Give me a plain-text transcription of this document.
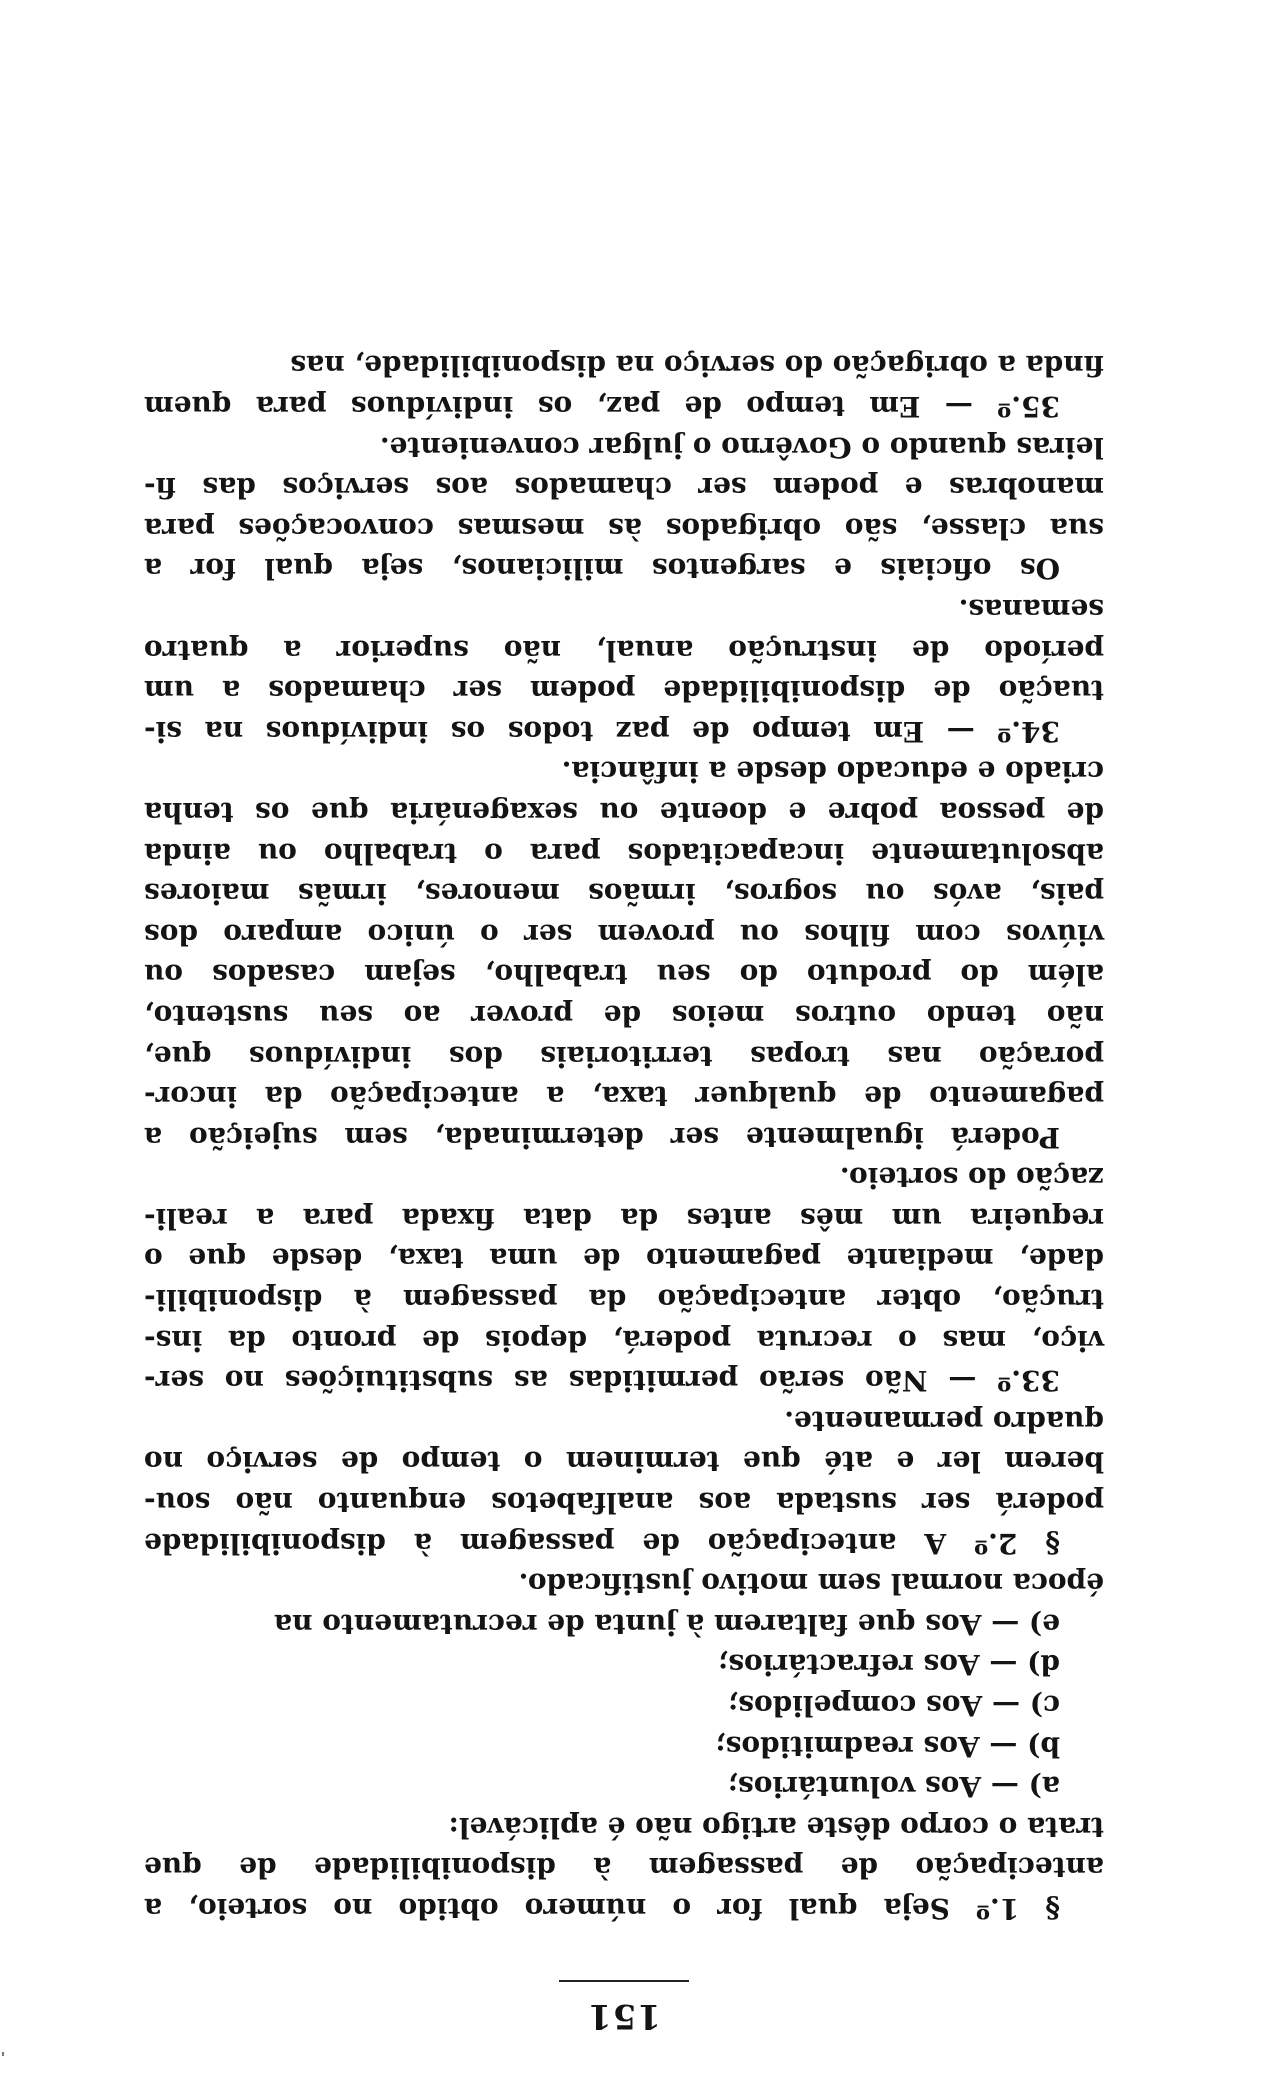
151
§ 1.º Seja qual for o número obtido no sorteio, a
antecipação de passagem à disponibilidade de que
trata o corpo dêste artigo não é aplicável:
a) — Aos voluntários;
b) — Aos readmitidos;
c) — Aos compelidos;
d) — Aos refractários;
e) — Aos que faltarem à junta de recrutamento na
época normal sem motivo justificado.
§ 2.º A antecipação de passagem à disponibilidade
poderá ser sustada aos analfabetos enquanto não sou-
berem ler e até que terminem o tempo de serviço no
quadro permanente.
33.º — Não serão permitidas as substituições no ser-
viço, mas o recruta poderá, depois de pronto da ins-
trução, obter antecipação da passagem à disponibili-
dade, mediante pagamento de uma taxa, desde que o
requeira um mês antes da data fixada para a reali-
zação do sorteio.
Poderá igualmente ser determinada, sem sujeição a
pagamento de qualquer taxa, a antecipação da incor-
poração nas tropas territoriais dos indivíduos que,
não tendo outros meios de prover ao seu sustento,
além do produto do seu trabalho, sejam casados ou
viúvos com filhos ou provem ser o único amparo dos
pais, avós ou sogros, irmãos menores, irmãs maiores
absolutamente incapacitados para o trabalho ou ainda
de pessoa pobre e doente ou sexagenária que os tenha
criado e educado desde a infância.
34.º — Em tempo de paz todos os indivíduos na si-
tuação de disponibilidade podem ser chamados a um
período de instrução anual, não superior a quatro
semanas.
Os oficiais e sargentos milicianos, seja qual for a
sua classe, são obrigados às mesmas convocações para
manobras e podem ser chamados aos serviços das fi-
leiras quando o Govêrno o julgar conveniente.
35.º — Em tempo de paz, os indivíduos para quem
finda a obrigação do serviço na disponibilidade, nas
